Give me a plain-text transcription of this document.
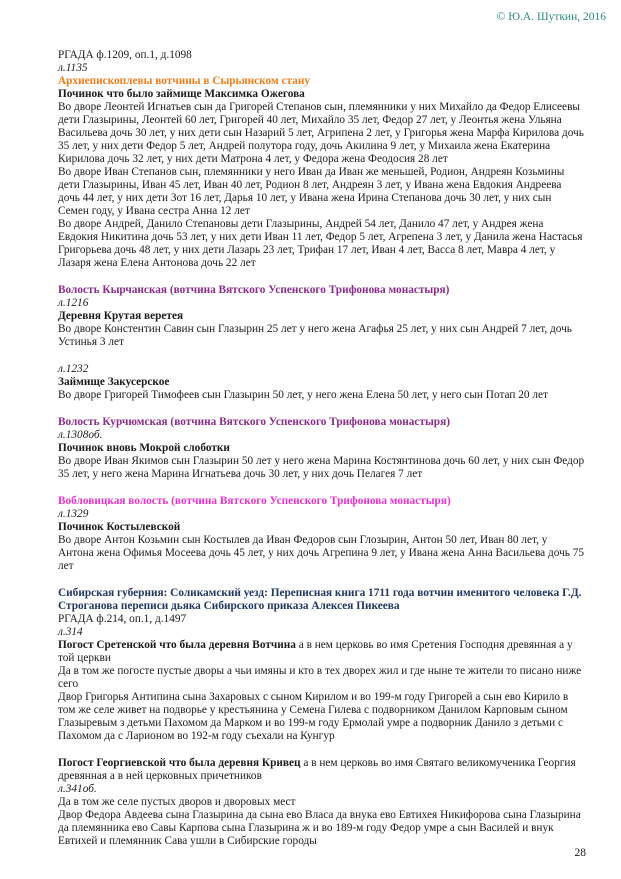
© Ю.А. Шуткин, 2016
РГАДА ф.1209, оп.1, д.1098
л.1135
Архиепископлевы вотчины в Сырьянском стану
Починок что было займище Максимка Ожегова
Во дворе Леонтей Игнатьев сын да Григорей Степанов сын, племянники у них Михайло да Федор Елисеевы дети Глазырины, Леонтей 60 лет, Григорей 40 лет, Михайло 35 лет, Федор 27 лет, у Леонтья жена Ульяна Васильева дочь 30 лет, у них дети сын Назарий 5 лет, Агрипена 2 лет, у Григорья жена Марфа Кирилова дочь 35 лет, у них дети Федор 5 лет, Андрей полутора году, дочь Акилина 9 лет, у Михаила жена Екатерина Кирилова дочь 32 лет, у них дети Матрона 4 лет, у Федора жена Феодосия 28 лет
Во дворе Иван Степанов сын, племянники у него Иван да Иван же меньшей, Родион, Андреян Козьмины дети Глазырины, Иван 45 лет, Иван 40 лет, Родион 8 лет, Андреян 3 лет, у Ивана жена Евдокия Андреева дочь 44 лет, у них дети Зот 16 лет, Дарья 10 лет, у Ивана жена Ирина Степанова дочь 30 лет, у них сын Семен году, у Ивана сестра Анна 12 лет
Во дворе Андрей, Данило Степановы дети Глазырины, Андрей 54 лет, Данило 47 лет, у Андрея жена Евдокия Никитина дочь 53 лет, у них дети Иван 11 лет, Федор 5 лет, Агрепена 3 лет, у Данила жена Настасья Григорьева дочь 48 лет, у них дети Лазарь 23 лет, Трифан 17 лет, Иван 4 лет, Васса 8 лет, Мавра 4 лет, у Лазаря жена Елена Антонова дочь 22 лет
Волость Кырчанская (вотчина Вятского Успенского Трифонова монастыря)
л.1216
Деревня Крутая веретея
Во дворе Констентин Савин сын Глазырин 25 лет у него жена Агафья 25 лет, у них сын Андрей 7 лет, дочь Устинья 3 лет
л.1232
Займище Закусерское
Во дворе Григорей Тимофеев сын Глазырин 50 лет, у него жена Елена 50 лет, у него сын Потап 20 лет
Волость Курчюмская (вотчина Вятского Успенского Трифонова монастыря)
л.1308об.
Починок вновь Мокрой слоботки
Во дворе Иван Якимов сын Глазырин 50 лет у него жена Марина Костянтинова дочь 60 лет, у них сын Федор 35 лет, у него жена Марина Игнатьева дочь 30 лет, у них дочь Пелагея 7 лет
Вобловицкая волость (вотчина Вятского Успенского Трифонова монастыря)
л.1329
Починок Костылевской
Во дворе Антон Козьмин сын Костылев да Иван Федоров сын Глозырин, Антон 50 лет, Иван 80 лет, у Антона жена Офимья Мосеева дочь 45 лет, у них дочь Агрепина 9 лет, у Ивана жена Анна Васильева дочь 75 лет
Сибирская губерния: Соликамский уезд: Переписная книга 1711 года вотчин именитого человека Г.Д. Строганова переписи дьяка Сибирского приказа Алексея Пикеева
РГАДА ф.214, оп.1, д.1497
л.314
Погост Сретенской что была деревня Вотчина а в нем церковь во имя Сретения Господня древянная а у той церкви
Да в том же погосте пустые дворы а чьи имяны и кто в тех дворех жил и где ныне те жители то писано ниже сего
Двор Григорья Антипина сына Захаровых с сыном Кирилом и во 199-м году Григорей а сын ево Кирило в том же селе живет на подворье у крестьянина у Семена Гилева с подворником Данилом Карповым сыном Глазыревым з детьми Пахомом да Марком и во 199-м году Ермолай умре а подворник Данило з детьми с Пахомом да с Ларионом во 192-м году съехали на Кунгур
Погост Георгиевской что была деревня Кривец а в нем церковь во имя Святаго великомученика Георгия древянная а в ней церковных причетников
л.341об.
Да в том же селе пустых дворов и дворовых мест
Двор Федора Авдеева сына Глазырина да сына ево Власа да внука ево Евтихея Никифорова сына Глазырина да племянника ево Савы Карпова сына Глазырина ж и во 189-м году Федор умре а сын Василей и внук Евтихей и племянник Сава ушли в Сибирские городы
28
